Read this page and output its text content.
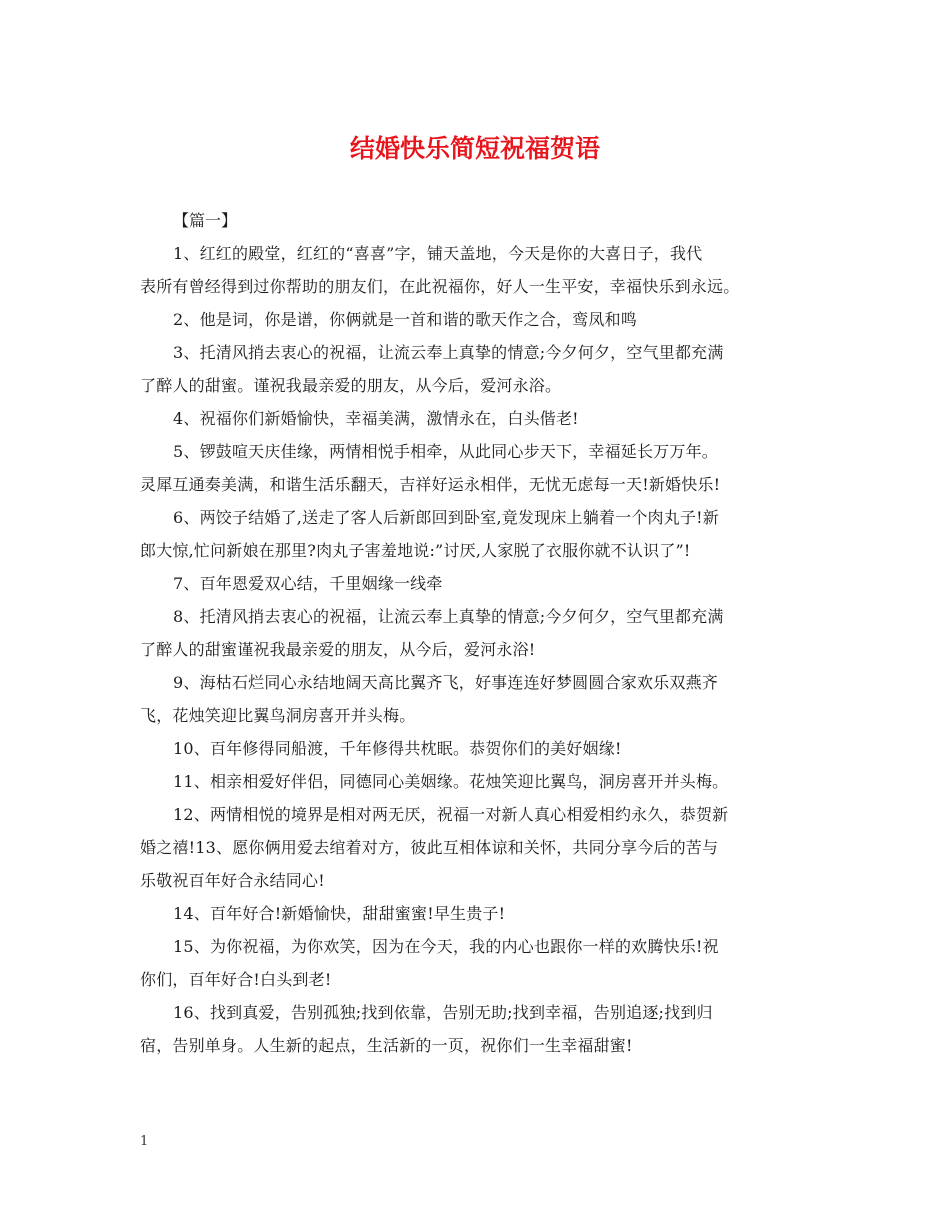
结婚快乐简短祝福贺语

【篇一】

1、红红的殿堂，红红的“喜喜”字，铺天盖地，今天是你的大喜日子，我代
表所有曾经得到过你帮助的朋友们，在此祝福你，好人一生平安，幸福快乐到永远。

2、他是词，你是谱，你俩就是一首和谐的歌天作之合，鸾凤和鸣

3、托清风捎去衷心的祝福，让流云奉上真挚的情意;今夕何夕，空气里都充满
了醉人的甜蜜。谨祝我最亲爱的朋友，从今后，爱河永浴。

4、祝福你们新婚愉快，幸福美满，激情永在，白头偕老!

5、锣鼓喧天庆佳缘，两情相悦手相牵，从此同心步天下，幸福延长万万年。
灵犀互通奏美满，和谐生活乐翻天，吉祥好运永相伴，无忧无虑每一天!新婚快乐!

6、两饺子结婚了,送走了客人后新郎回到卧室,竟发现床上躺着一个肉丸子!新
郎大惊,忙问新娘在那里?肉丸子害羞地说:”讨厌,人家脱了衣服你就不认识了”!

7、百年恩爱双心结，千里姻缘一线牵

8、托清风捎去衷心的祝福，让流云奉上真挚的情意;今夕何夕，空气里都充满
了醉人的甜蜜谨祝我最亲爱的朋友，从今后，爱河永浴!

9、海枯石烂同心永结地阔天高比翼齐飞，好事连连好梦圆圆合家欢乐双燕齐
飞，花烛笑迎比翼鸟洞房喜开并头梅。

10、百年修得同船渡，千年修得共枕眠。恭贺你们的美好姻缘!

11、相亲相爱好伴侣，同德同心美姻缘。花烛笑迎比翼鸟，洞房喜开并头梅。

12、两情相悦的境界是相对两无厌，祝福一对新人真心相爱相约永久，恭贺新
婚之禧!13、愿你俩用爱去绾着对方，彼此互相体谅和关怀，共同分享今后的苦与
乐敬祝百年好合永结同心!

14、百年好合!新婚愉快，甜甜蜜蜜!早生贵子!

15、为你祝福，为你欢笑，因为在今天，我的内心也跟你一样的欢腾快乐!祝
你们，百年好合!白头到老!

16、找到真爱，告别孤独;找到依靠，告别无助;找到幸福，告别追逐;找到归
宿，告别单身。人生新的起点，生活新的一页，祝你们一生幸福甜蜜!

1
